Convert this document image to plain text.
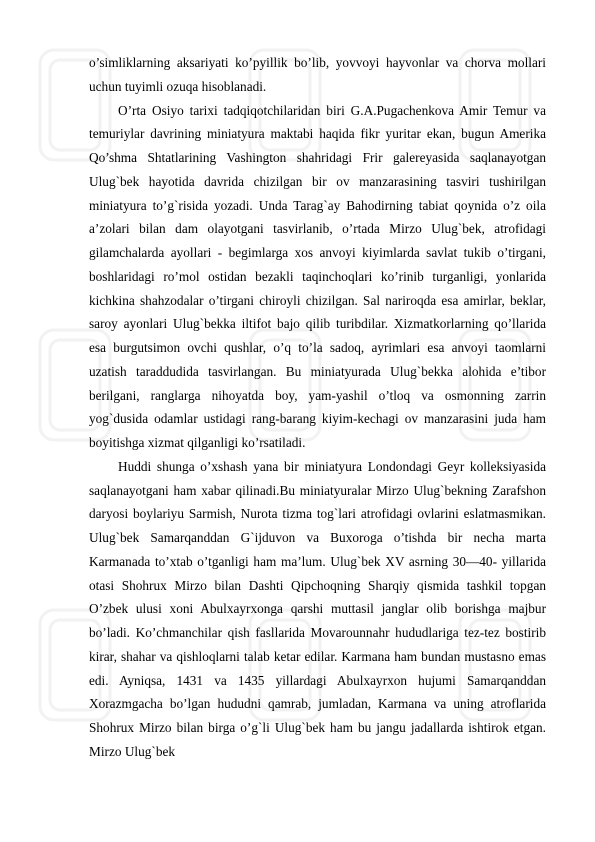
o’simliklarning aksariyati ko’pyillik bo’lib, yovvoyi hayvonlar va chorva mollari uchun tuyimli ozuqa hisoblanadi.

O’rta Osiyo tarixi tadqiqotchilaridan biri G.A.Pugachenkova Amir Temur va temuriylar davrining miniatyura maktabi haqida fikr yuritar ekan, bugun Amerika Qo’shma Shtatlarining Vashington shahridagi Frir galereyasida saqlanayotgan Ulug`bek hayotida davrida chizilgan bir ov manzarasining tasviri tushirilgan miniatyura to’g`risida yozadi. Unda Tarag`ay Bahodirning tabiat qoynida o’z oila a’zolari bilan dam olayotgani tasvirlanib, o’rtada Mirzo Ulug`bek, atrofidagi gilamchalarda ayollari - begimlarga xos anvoyi kiyimlarda savlat tukib o’tirgani, boshlaridagi ro’mol ostidan bezakli taqinchoqlari ko’rinib turganligi, yonlarida kichkina shahzodalar o’tirgani chiroyli chizilgan. Sal nariroqda esa amirlar, beklar, saroy ayonlari Ulug`bekka iltifot bajo qilib turibdilar. Xizmatkorlarning qo’llarida esa burgutsimon ovchi qushlar, o’q to’la sadoq, ayrimlari esa anvoyi taomlarni uzatish taraddudida tasvirlangan. Bu miniatyurada Ulug`bekka alohida e’tibor berilgani, ranglarga nihoyatda boy, yam-yashil o’tloq va osmonning zarrin yog`dusida odamlar ustidagi rang-barang kiyim-kechagi ov manzarasini juda ham boyitishga xizmat qilganligi ko’rsatiladi.

Huddi shunga o’xshash yana bir miniatyura Londondagi Geyr kolleksiyasida saqlanayotgani ham xabar qilinadi.Bu miniatyuralar Mirzo Ulug`bekning Zarafshon daryosi boylariyu Sarmish, Nurota tizma tog`lari atrofidagi ovlarini eslatmasmikan. Ulug`bek Samarqanddan G`ijduvon va Buxoroga o’tishda bir necha marta Karmanada to’xtab o’tganligi ham ma’lum. Ulug`bek XV asrning 30—40- yillarida otasi Shohrux Mirzo bilan Dashti Qipchoqning Sharqiy qismida tashkil topgan O’zbek ulusi xoni Abulxayrxonga qarshi muttasil janglar olib borishga majbur bo’ladi. Ko’chmanchilar qish fasllarida Movarounnahr hududlariga tez-tez bostirib kirar, shahar va qishloqlarni talab ketar edilar. Karmana ham bundan mustasno emas edi. Ayniqsa, 1431 va 1435 yillardagi Abulxayrxon hujumi Samarqanddan Xorazmgacha bo’lgan hududni qamrab, jumladan, Karmana va uning atroflarida Shohrux Mirzo bilan birga o’g`li Ulug`bek ham bu jangu jadallarda ishtirok etgan. Mirzo Ulug`bek
